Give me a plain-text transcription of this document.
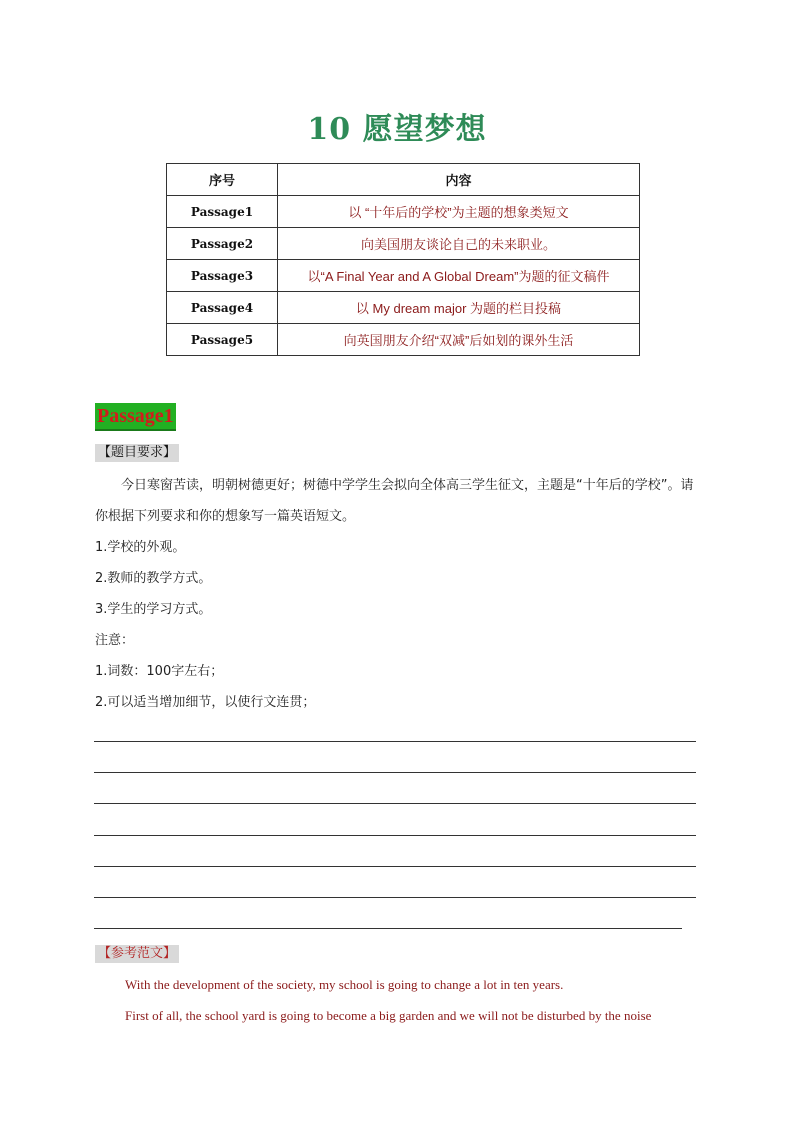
10 愿望梦想
序号	内容
Passage1	以 “十年后的学校”为主题的想象类短文
Passage2	向美国朋友谈论自己的未来职业。
Passage3	以“A Final Year and A Global Dream”为题的征文稿件
Passage4	以 My dream major 为题的栏目投稿
Passage5	向英国朋友介绍“双减”后如划的课外生活
Passage1
【题目要求】

今日寒窗苦读，明朝树德更好；树德中学学生会拟向全体高三学生征文，主题是“十年后的学校”。请你根据下列要求和你的想象写一篇英语短文。

1.学校的外观。

2.教师的教学方式。

3.学生的学习方式。

注意：

1.词数：100字左右；

2.可以适当增加细节，以使行文连贯；

【参考范文】

With the development of the society, my school is going to change a lot in ten years.

First of all, the school yard is going to become a big garden and we will not be disturbed by the noise
